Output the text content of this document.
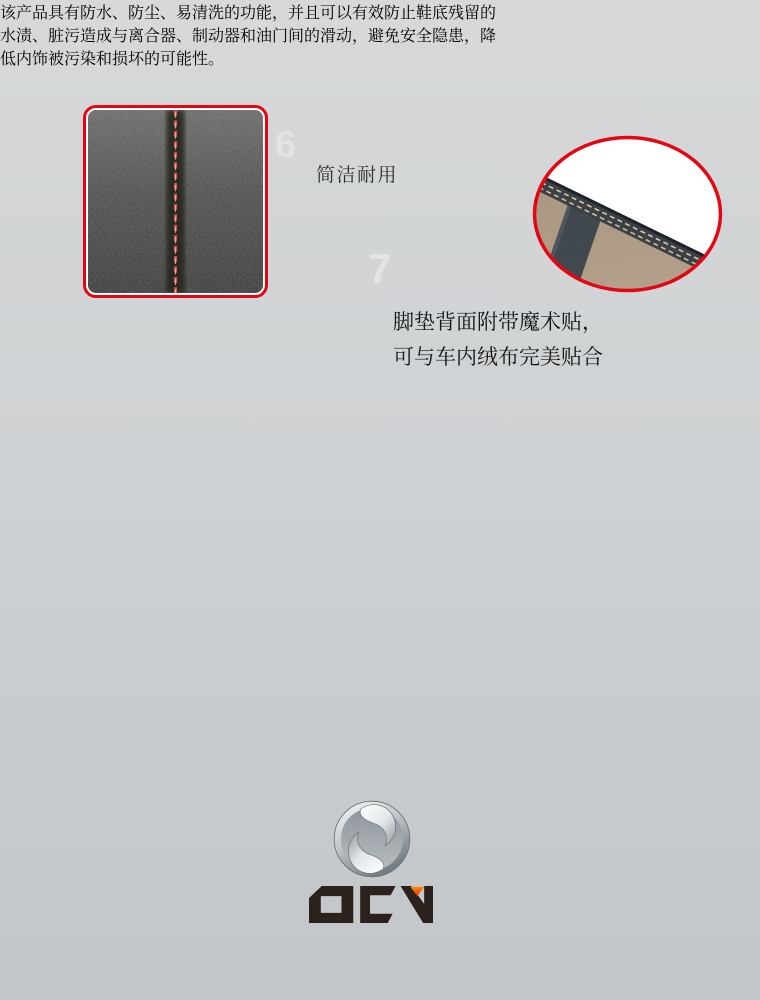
6
简洁耐用
7
脚垫背面附带魔术贴，
可与车内绒布完美贴合

该产品具有防水、防尘、易清洗的功能，并且可以有效防止鞋底残留的
水渍、脏污造成与离合器、制动器和油门间的滑动，避免安全隐患，降
低内饰被污染和损坏的可能性。
